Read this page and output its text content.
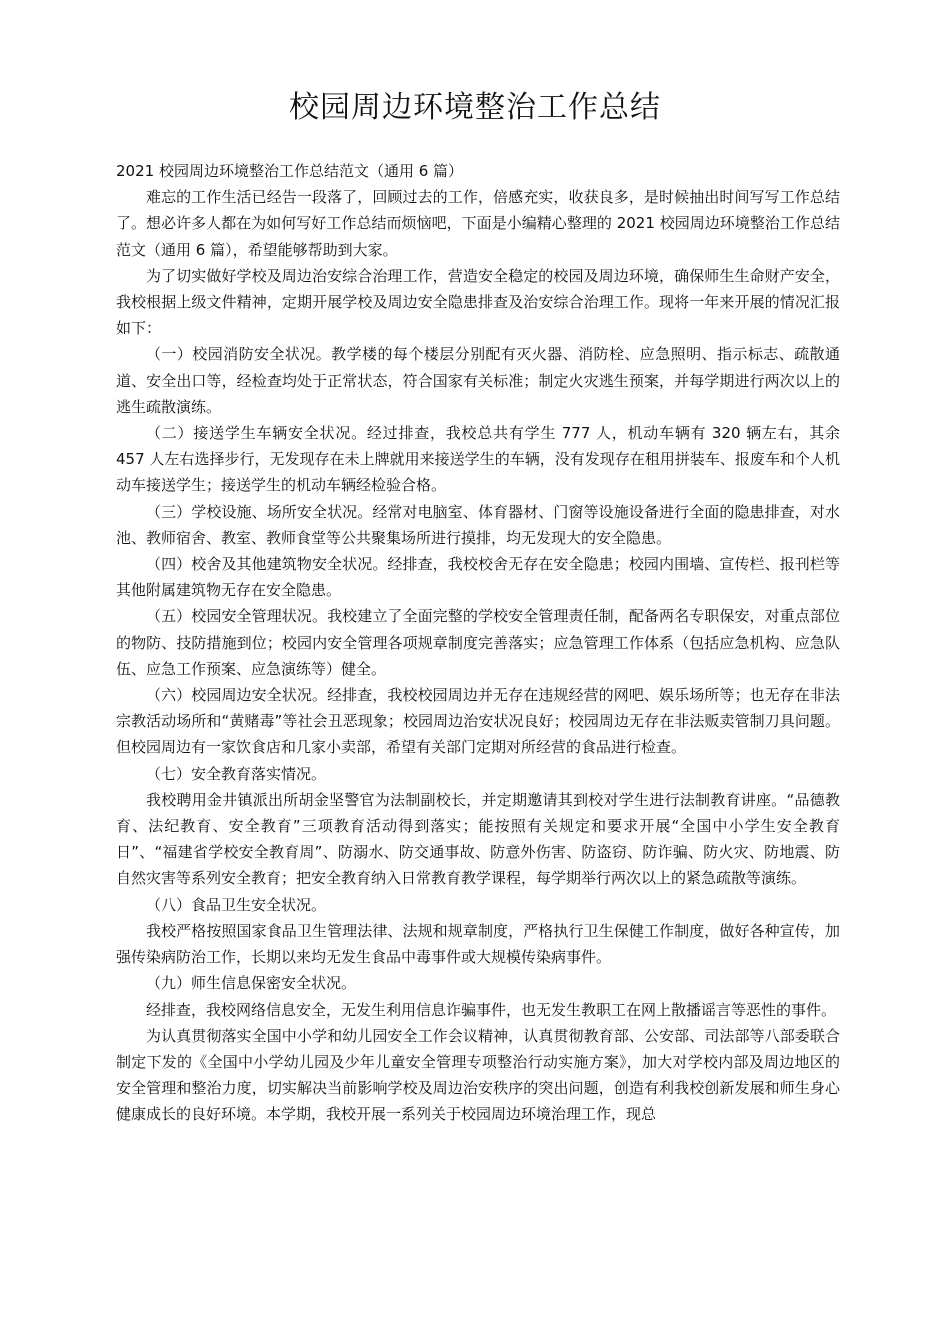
校园周边环境整治工作总结

2021 校园周边环境整治工作总结范文（通用 6 篇）

难忘的工作生活已经告一段落了，回顾过去的工作，倍感充实，收获良多，是时候抽出时间写写工作总结了。想必许多人都在为如何写好工作总结而烦恼吧，下面是小编精心整理的 2021 校园周边环境整治工作总结范文（通用 6 篇），希望能够帮助到大家。

为了切实做好学校及周边治安综合治理工作，营造安全稳定的校园及周边环境，确保师生生命财产安全，我校根据上级文件精神，定期开展学校及周边安全隐患排查及治安综合治理工作。现将一年来开展的情况汇报如下：

（一）校园消防安全状况。教学楼的每个楼层分别配有灭火器、消防栓、应急照明、指示标志、疏散通道、安全出口等，经检查均处于正常状态，符合国家有关标准；制定火灾逃生预案，并每学期进行两次以上的逃生疏散演练。

（二）接送学生车辆安全状况。经过排查，我校总共有学生 777 人，机动车辆有 320 辆左右，其余 457 人左右选择步行，无发现存在未上牌就用来接送学生的车辆，没有发现存在租用拼装车、报废车和个人机动车接送学生；接送学生的机动车辆经检验合格。

（三）学校设施、场所安全状况。经常对电脑室、体育器材、门窗等设施设备进行全面的隐患排查，对水池、教师宿舍、教室、教师食堂等公共聚集场所进行摸排，均无发现大的安全隐患。

（四）校舍及其他建筑物安全状况。经排查，我校校舍无存在安全隐患；校园内围墙、宣传栏、报刊栏等其他附属建筑物无存在安全隐患。

（五）校园安全管理状况。我校建立了全面完整的学校安全管理责任制，配备两名专职保安，对重点部位的物防、技防措施到位；校园内安全管理各项规章制度完善落实；应急管理工作体系（包括应急机构、应急队伍、应急工作预案、应急演练等）健全。

（六）校园周边安全状况。经排查，我校校园周边并无存在违规经营的网吧、娱乐场所等；也无存在非法宗教活动场所和“黄赌毒”等社会丑恶现象；校园周边治安状况良好；校园周边无存在非法贩卖管制刀具问题。但校园周边有一家饮食店和几家小卖部，希望有关部门定期对所经营的食品进行检查。

（七）安全教育落实情况。

我校聘用金井镇派出所胡金坚警官为法制副校长，并定期邀请其到校对学生进行法制教育讲座。“品德教育、法纪教育、安全教育”三项教育活动得到落实；能按照有关规定和要求开展“全国中小学生安全教育日”、“福建省学校安全教育周”、防溺水、防交通事故、防意外伤害、防盗窃、防诈骗、防火灾、防地震、防自然灾害等系列安全教育；把安全教育纳入日常教育教学课程，每学期举行两次以上的紧急疏散等演练。

（八）食品卫生安全状况。

我校严格按照国家食品卫生管理法律、法规和规章制度，严格执行卫生保健工作制度，做好各种宣传，加强传染病防治工作，长期以来均无发生食品中毒事件或大规模传染病事件。

（九）师生信息保密安全状况。

经排查，我校网络信息安全，无发生利用信息诈骗事件，也无发生教职工在网上散播谣言等恶性的事件。

为认真贯彻落实全国中小学和幼儿园安全工作会议精神，认真贯彻教育部、公安部、司法部等八部委联合制定下发的《全国中小学幼儿园及少年儿童安全管理专项整治行动实施方案》，加大对学校内部及周边地区的安全管理和整治力度，切实解决当前影响学校及周边治安秩序的突出问题，创造有利我校创新发展和师生身心健康成长的良好环境。本学期，我校开展一系列关于校园周边环境治理工作，现总
